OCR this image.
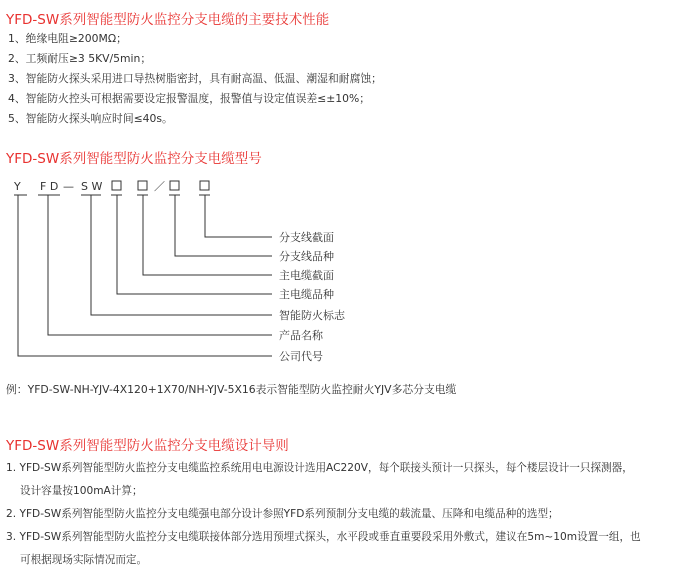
YFD-SW系列智能型防火监控分支电缆的主要技术性能
1、绝缘电阻≥200MΩ；
2、工频耐压≥3 5KV/5min；
3、智能防火探头采用进口导热树脂密封，具有耐高温、低温、潮湿和耐腐蚀；
4、智能防火控头可根据需要设定报警温度，报警值与设定值误差≤±10%；
5、智能防火探头响应时间≤40s。
YFD-SW系列智能型防火监控分支电缆型号
Y F D — S W	／
分支线截面
分支线品种
主电缆截面
主电缆品种
智能防火标志
产品名称
公司代号
例：YFD-SW-NH-YJV-4X120+1X70/NH-YJV-5X16表示智能型防火监控耐火YJV多芯分支电缆
YFD-SW系列智能型防火监控分支电缆设计导则
1. YFD-SW系列智能型防火监控分支电缆监控系统用电电源设计选用AC220V，每个联接头预计一只探头，每个楼层设计一只探测器，
设计容量按100mA计算；
2. YFD-SW系列智能型防火监控分支电缆强电部分设计参照YFD系列预制分支电缆的载流量、压降和电缆品种的选型；
3. YFD-SW系列智能型防火监控分支电缆联接体部分选用预埋式探头，水平段或垂直重要段采用外敷式，建议在5m~10m设置一组，也
可根据现场实际情况而定。
